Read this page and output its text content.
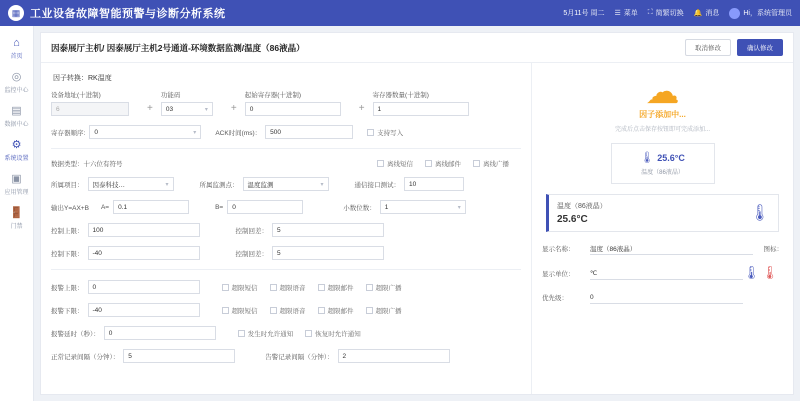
▦ 工业设备故障智能预警与诊断分析系统	5月11号 周二 ☰ 菜单 ⛶ 简繁切换 🔔 消息	Hi，系统管理员
⌂
首页
◎
监控中心
▤
数据中心
⚙
系统设置
▣
应用管理
🚪
门禁
因泰展厅主机/ 因泰展厅主机2号通道-环境数据监测/温度（86液晶）	取消修改	确认修改
因子转换：RK温度
设备地址(十进制)
6	+
功能码
03	▾ +
起始寄存器(十进制)
0	+
寄存器数量(十进制)
1
寄存器顺序: 0	▾	ACK时间(ms)：	500	支持写入
数据类型：十六位有符号	离线短信	离线邮件	离线广播
所属项目： 因泰科技…	▾	所属监测点： 温度监测	▾	通信接口测试：	10
输出Y=AX+B A=	0.1	B=	0	小数位数： 1	▾
控制上限：	100	控制回差：	5
控制下限：	-40	控制回差：	5
报警上限：	0	超限短信	超限语音	超限邮件	超限广播
报警下限：	-40	超限短信	超限语音	超限邮件	超限广播
报警延时（秒）：	0	发生时允许通知	恢复时允许通知
正常记录间隔（分钟）：	5	告警记录间隔（分钟）：	2
☁
因子添加中...
完成后点击保存按钮即可完成添加...
🌡 25.6°C
温度（86液晶）
温度（86液晶）
25.6°C	🌡
显示名称：	温度（86液晶）	图标：
显示单位：	℃	🌡 🌡
优先级：	0
